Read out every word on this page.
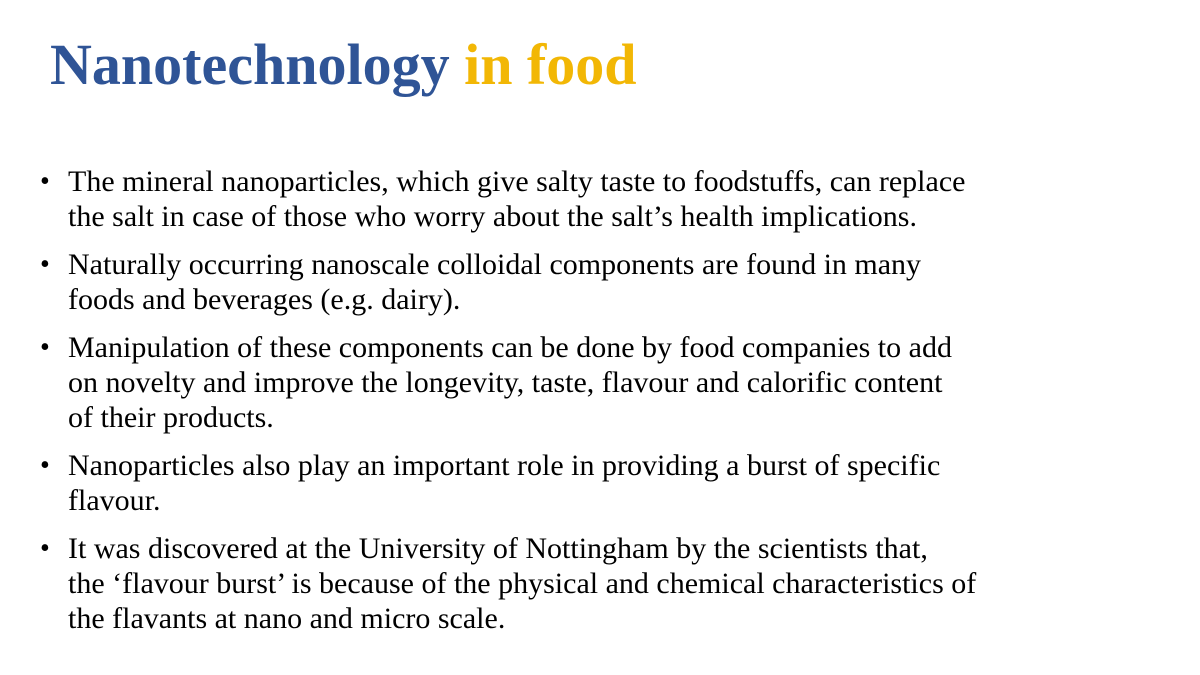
Nanotechnology in food
• The mineral nanoparticles, which give salty taste to foodstuffs, can replace
the salt in case of those who worry about the salt’s health implications.
• Naturally occurring nanoscale colloidal components are found in many
foods and beverages (e.g. dairy).
• Manipulation of these components can be done by food companies to add
on novelty and improve the longevity, taste, flavour and calorific content
of their products.
• Nanoparticles also play an important role in providing a burst of specific
flavour.
• It was discovered at the University of Nottingham by the scientists that,
the ‘flavour burst’ is because of the physical and chemical characteristics of
the flavants at nano and micro scale.
